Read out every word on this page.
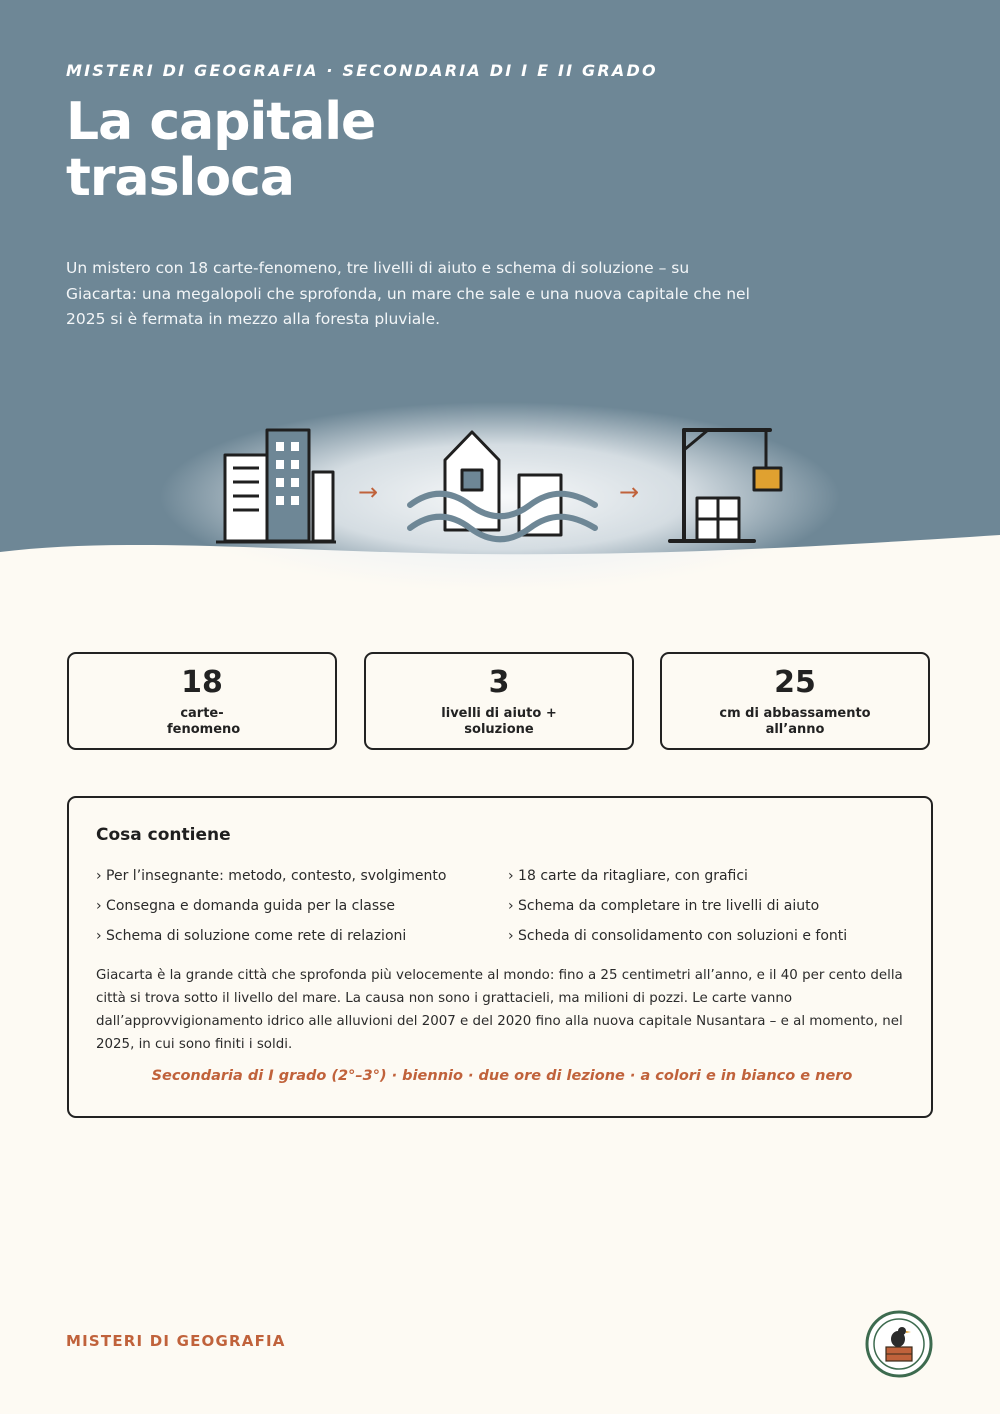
MISTERI DI GEOGRAFIA · SECONDARIA DI I E II GRADO
La capitale
trasloca

Un mistero con 18 carte-fenomeno, tre livelli di aiuto e schema di soluzione – su Giacarta: una megalopoli che sprofonda, un mare che sale e una nuova capitale che nel 2025 si è fermata in mezzo alla foresta pluviale.

→	→
18
carte-fenomeno
3
livelli di aiuto + soluzione
25
cm di abbassamento all’anno
Cosa contiene
› Per l’insegnante: metodo, contesto, svolgimento
› Consegna e domanda guida per la classe
› Schema di soluzione come rete di relazioni
› 18 carte da ritagliare, con grafici
› Schema da completare in tre livelli di aiuto
› Scheda di consolidamento con soluzioni e fonti

Giacarta è la grande città che sprofonda più velocemente al mondo: fino a 25 centimetri all’anno, e il 40 per cento della città si trova sotto il livello del mare. La causa non sono i grattacieli, ma milioni di pozzi. Le carte vanno dall’approvvigionamento idrico alle alluvioni del 2007 e del 2020 fino alla nuova capitale Nusantara – e al momento, nel 2025, in cui sono finiti i soldi.

Secondaria di I grado (2°–3°) · biennio · due ore di lezione · a colori e in bianco e nero

MISTERI DI GEOGRAFIA
